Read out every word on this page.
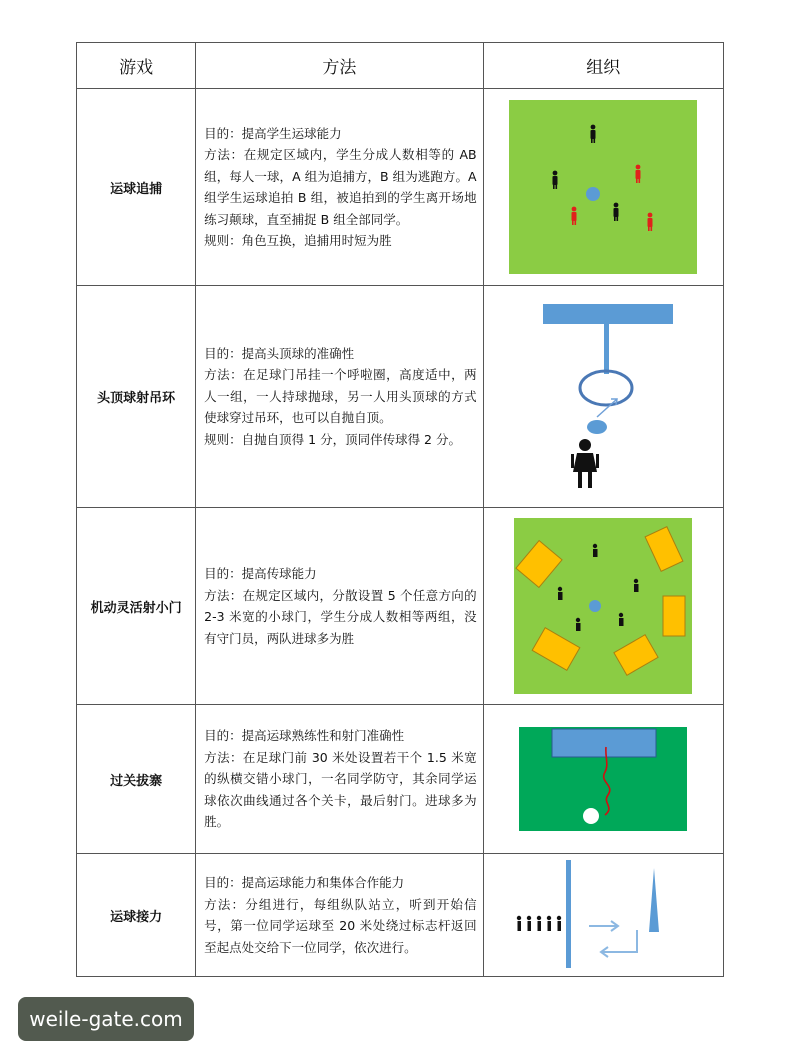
游戏	方法	组织
运球追捕	目的：提高学生运球能力

方法：在规定区域内，学生分成人数相等的 AB 组，每人一球，A 组为追捕方，B 组为逃跑方。A 组学生运球追拍 B 组，被追拍到的学生离开场地练习颠球，直至捕捉 B 组全部同学。

规则：角色互换，追捕用时短为胜

头顶球射吊环	目的：提高头顶球的准确性

方法：在足球门吊挂一个呼啦圈，高度适中，两人一组，一人持球抛球，另一人用头顶球的方式使球穿过吊环，也可以自抛自顶。

规则：自抛自顶得 1 分，顶同伴传球得 2 分。

机动灵活射小门	目的：提高传球能力

方法：在规定区域内，分散设置 5 个任意方向的 2-3 米宽的小球门，学生分成人数相等两组，没有守门员，两队进球多为胜

过关拔寨	目的：提高运球熟练性和射门准确性

方法：在足球门前 30 米处设置若干个 1.5 米宽的纵横交错小球门，一名同学防守，其余同学运球依次曲线通过各个关卡，最后射门。进球多为胜。

运球接力	目的：提高运球能力和集体合作能力

方法：分组进行，每组纵队站立，听到开始信号，第一位同学运球至 20 米处绕过标志杆返回至起点处交给下一位同学，依次进行。

weile-gate.com
